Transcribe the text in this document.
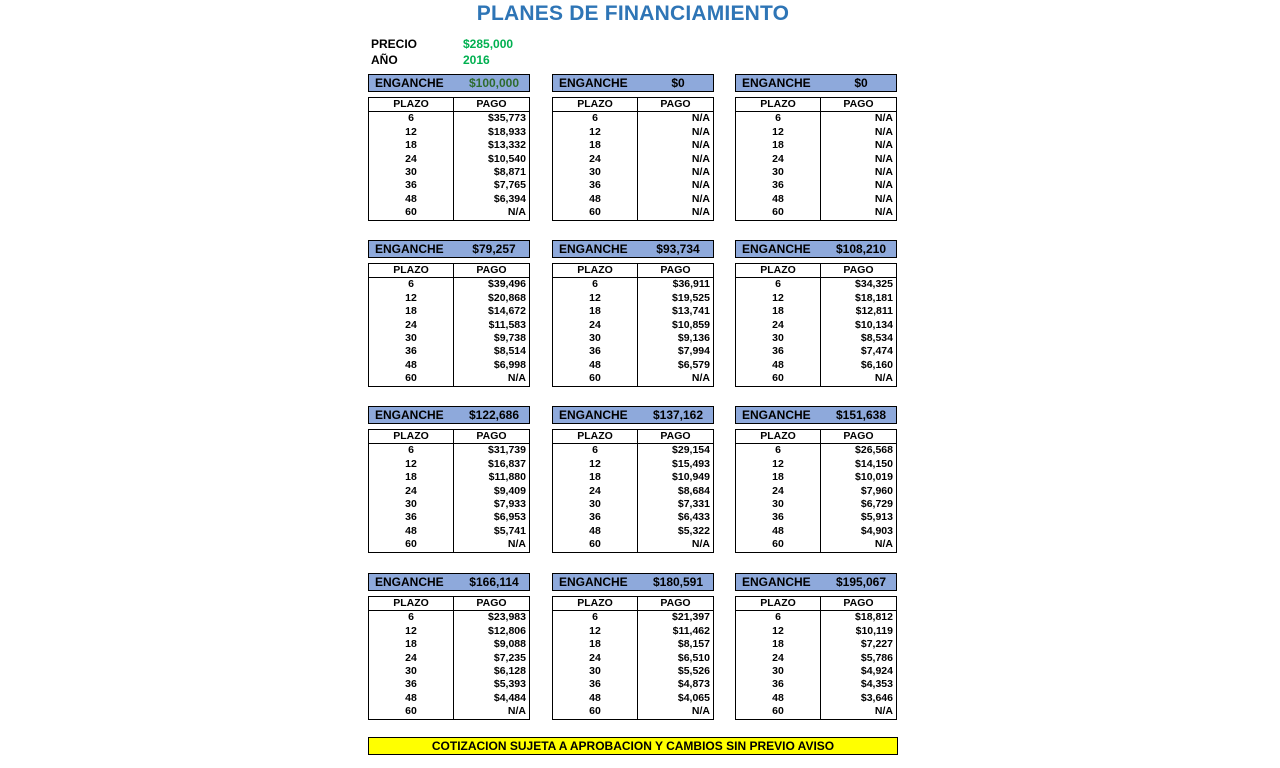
PLANES DE FINANCIAMIENTO
PRECIO	$285,000
AÑO	2016
ENGANCHE	$100,000
PLAZO	PAGO
6	$35,773
12	$18,933
18	$13,332
24	$10,540
30	$8,871
36	$7,765
48	$6,394
60	N/A
ENGANCHE	$0
PLAZO	PAGO
6	N/A
12	N/A
18	N/A
24	N/A
30	N/A
36	N/A
48	N/A
60	N/A
ENGANCHE	$0
PLAZO	PAGO
6	N/A
12	N/A
18	N/A
24	N/A
30	N/A
36	N/A
48	N/A
60	N/A
ENGANCHE	$79,257
PLAZO	PAGO
6	$39,496
12	$20,868
18	$14,672
24	$11,583
30	$9,738
36	$8,514
48	$6,998
60	N/A
ENGANCHE	$93,734
PLAZO	PAGO
6	$36,911
12	$19,525
18	$13,741
24	$10,859
30	$9,136
36	$7,994
48	$6,579
60	N/A
ENGANCHE	$108,210
PLAZO	PAGO
6	$34,325
12	$18,181
18	$12,811
24	$10,134
30	$8,534
36	$7,474
48	$6,160
60	N/A
ENGANCHE	$122,686
PLAZO	PAGO
6	$31,739
12	$16,837
18	$11,880
24	$9,409
30	$7,933
36	$6,953
48	$5,741
60	N/A
ENGANCHE	$137,162
PLAZO	PAGO
6	$29,154
12	$15,493
18	$10,949
24	$8,684
30	$7,331
36	$6,433
48	$5,322
60	N/A
ENGANCHE	$151,638
PLAZO	PAGO
6	$26,568
12	$14,150
18	$10,019
24	$7,960
30	$6,729
36	$5,913
48	$4,903
60	N/A
ENGANCHE	$166,114
PLAZO	PAGO
6	$23,983
12	$12,806
18	$9,088
24	$7,235
30	$6,128
36	$5,393
48	$4,484
60	N/A
ENGANCHE	$180,591
PLAZO	PAGO
6	$21,397
12	$11,462
18	$8,157
24	$6,510
30	$5,526
36	$4,873
48	$4,065
60	N/A
ENGANCHE	$195,067
PLAZO	PAGO
6	$18,812
12	$10,119
18	$7,227
24	$5,786
30	$4,924
36	$4,353
48	$3,646
60	N/A
COTIZACION SUJETA A APROBACION Y CAMBIOS SIN PREVIO AVISO
